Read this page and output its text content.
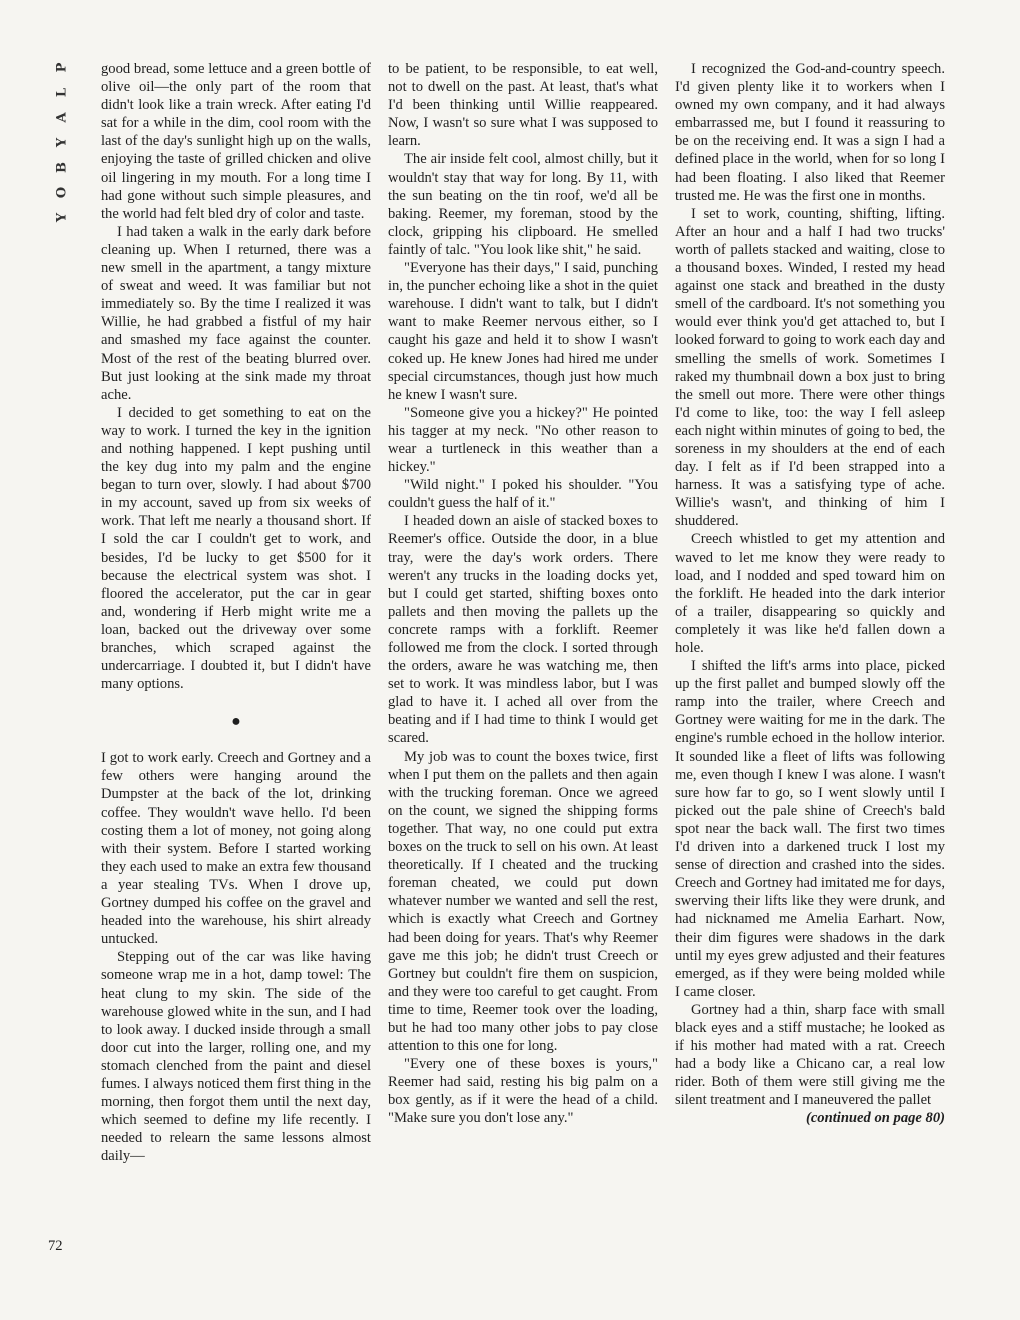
P
L
A
Y
B
O
Y

good bread, some lettuce and a green bottle of olive oil—the only part of the room that didn't look like a train wreck. After eating I'd sat for a while in the dim, cool room with the last of the day's sunlight high up on the walls, enjoying the taste of grilled chicken and olive oil lingering in my mouth. For a long time I had gone without such simple pleasures, and the world had felt bled dry of color and taste.

I had taken a walk in the early dark before cleaning up. When I returned, there was a new smell in the apartment, a tangy mixture of sweat and weed. It was familiar but not immediately so. By the time I realized it was Willie, he had grabbed a fistful of my hair and smashed my face against the counter. Most of the rest of the beating blurred over. But just looking at the sink made my throat ache.

I decided to get something to eat on the way to work. I turned the key in the ignition and nothing happened. I kept pushing until the key dug into my palm and the engine began to turn over, slowly. I had about $700 in my account, saved up from six weeks of work. That left me nearly a thousand short. If I sold the car I couldn't get to work, and besides, I'd be lucky to get $500 for it because the electrical system was shot. I floored the accelerator, put the car in gear and, wondering if Herb might write me a loan, backed out the driveway over some branches, which scraped against the undercarriage. I doubted it, but I didn't have many options.

●

I got to work early. Creech and Gortney and a few others were hanging around the Dumpster at the back of the lot, drinking coffee. They wouldn't wave hello. I'd been costing them a lot of money, not going along with their system. Before I started working they each used to make an extra few thousand a year stealing TVs. When I drove up, Gortney dumped his coffee on the gravel and headed into the warehouse, his shirt already untucked.

Stepping out of the car was like having someone wrap me in a hot, damp towel: The heat clung to my skin. The side of the warehouse glowed white in the sun, and I had to look away. I ducked inside through a small door cut into the larger, rolling one, and my stomach clenched from the paint and diesel fumes. I always noticed them first thing in the morning, then forgot them until the next day, which seemed to define my life recently. I needed to relearn the same lessons almost daily—

to be patient, to be responsible, to eat well, not to dwell on the past. At least, that's what I'd been thinking until Willie reappeared. Now, I wasn't so sure what I was supposed to learn.

The air inside felt cool, almost chilly, but it wouldn't stay that way for long. By 11, with the sun beating on the tin roof, we'd all be baking. Reemer, my foreman, stood by the clock, gripping his clipboard. He smelled faintly of talc. "You look like shit," he said.

"Everyone has their days," I said, punching in, the puncher echoing like a shot in the quiet warehouse. I didn't want to talk, but I didn't want to make Reemer nervous either, so I caught his gaze and held it to show I wasn't coked up. He knew Jones had hired me under special circumstances, though just how much he knew I wasn't sure.

"Someone give you a hickey?" He pointed his tagger at my neck. "No other reason to wear a turtleneck in this weather than a hickey."

"Wild night." I poked his shoulder. "You couldn't guess the half of it."

I headed down an aisle of stacked boxes to Reemer's office. Outside the door, in a blue tray, were the day's work orders. There weren't any trucks in the loading docks yet, but I could get started, shifting boxes onto pallets and then moving the pallets up the concrete ramps with a forklift. Reemer followed me from the clock. I sorted through the orders, aware he was watching me, then set to work. It was mindless labor, but I was glad to have it. I ached all over from the beating and if I had time to think I would get scared.

My job was to count the boxes twice, first when I put them on the pallets and then again with the trucking foreman. Once we agreed on the count, we signed the shipping forms together. That way, no one could put extra boxes on the truck to sell on his own. At least theoretically. If I cheated and the trucking foreman cheated, we could put down whatever number we wanted and sell the rest, which is exactly what Creech and Gortney had been doing for years. That's why Reemer gave me this job; he didn't trust Creech or Gortney but couldn't fire them on suspicion, and they were too careful to get caught. From time to time, Reemer took over the loading, but he had too many other jobs to pay close attention to this one for long.

"Every one of these boxes is yours," Reemer had said, resting his big palm on a box gently, as if it were the head of a child. "Make sure you don't lose any."

I recognized the God-and-country speech. I'd given plenty like it to workers when I owned my own company, and it had always embarrassed me, but I found it reassuring to be on the receiving end. It was a sign I had a defined place in the world, when for so long I had been floating. I also liked that Reemer trusted me. He was the first one in months.

I set to work, counting, shifting, lifting. After an hour and a half I had two trucks' worth of pallets stacked and waiting, close to a thousand boxes. Winded, I rested my head against one stack and breathed in the dusty smell of the cardboard. It's not something you would ever think you'd get attached to, but I looked forward to going to work each day and smelling the smells of work. Sometimes I raked my thumbnail down a box just to bring the smell out more. There were other things I'd come to like, too: the way I fell asleep each night within minutes of going to bed, the soreness in my shoulders at the end of each day. I felt as if I'd been strapped into a harness. It was a satisfying type of ache. Willie's wasn't, and thinking of him I shuddered.

Creech whistled to get my attention and waved to let me know they were ready to load, and I nodded and sped toward him on the forklift. He headed into the dark interior of a trailer, disappearing so quickly and completely it was like he'd fallen down a hole.

I shifted the lift's arms into place, picked up the first pallet and bumped slowly off the ramp into the trailer, where Creech and Gortney were waiting for me in the dark. The engine's rumble echoed in the hollow interior. It sounded like a fleet of lifts was following me, even though I knew I was alone. I wasn't sure how far to go, so I went slowly until I picked out the pale shine of Creech's bald spot near the back wall. The first two times I'd driven into a darkened truck I lost my sense of direction and crashed into the sides. Creech and Gortney had imitated me for days, swerving their lifts like they were drunk, and had nicknamed me Amelia Earhart. Now, their dim figures were shadows in the dark until my eyes grew adjusted and their features emerged, as if they were being molded while I came closer.

Gortney had a thin, sharp face with small black eyes and a stiff mustache; he looked as if his mother had mated with a rat. Creech had a body like a Chicano car, a real low rider. Both of them were still giving me the silent treatment and I maneuvered the pallet

(continued on page 80)

72
